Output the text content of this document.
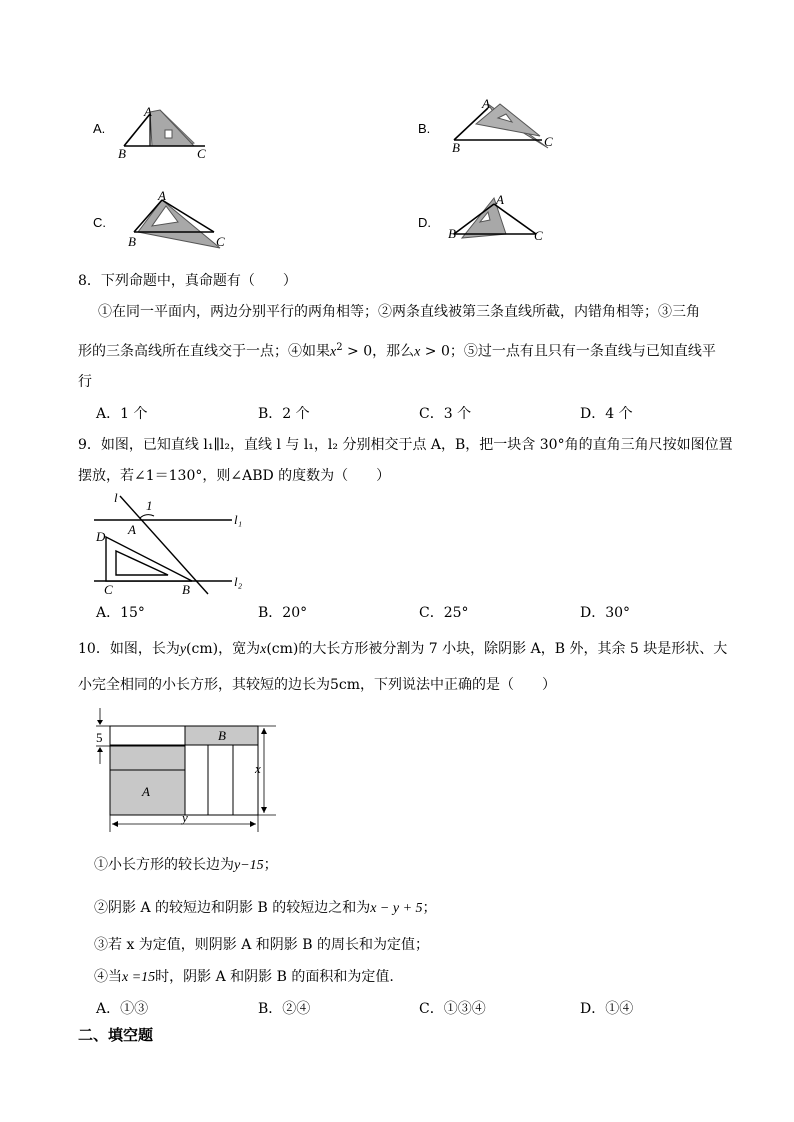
A.
A
B	C
B.
A
B	C
C.
A
B	C
D.
A
B	C
8．下列命题中，真命题有（　　）
①在同一平面内，两边分别平行的两角相等；②两条直线被第三条直线所截，内错角相等；③三角
形的三条高线所在直线交于一点；④如果$x^2 > 0$，那么x > 0；⑤过一点有且只有一条直线与已知直线平
行
A．1 个	B．2 个	C．3 个	D．4 个
9．如图，已知直线 l₁∥l₂，直线 l 与 l₁，l₂ 分别相交于点 A，B，把一块含 30°角的直角三角尺按如图位置
摆放，若∠1＝130°，则∠ABD 的度数为（　　）
l
1
A
D
C	B
l₁
l₂
A．15°	B．20°	C．25°	D．30°
10．如图，长为y(cm)，宽为x(cm)的大长方形被分割为 7 小块，除阴影 A，B 外，其余 5 块是形状、大
小完全相同的小长方形，其较短的边长为5cm，下列说法中正确的是（　　）
5
A
B
x
y
①小长方形的较长边为y−15；
②阴影 A 的较短边和阴影 B 的较短边之和为x − y + 5；
③若 x 为定值，则阴影 A 和阴影 B 的周长和为定值；
④当x =15时，阴影 A 和阴影 B 的面积和为定值.
A．①③	B．②④	C．①③④	D．①④
二、填空题
